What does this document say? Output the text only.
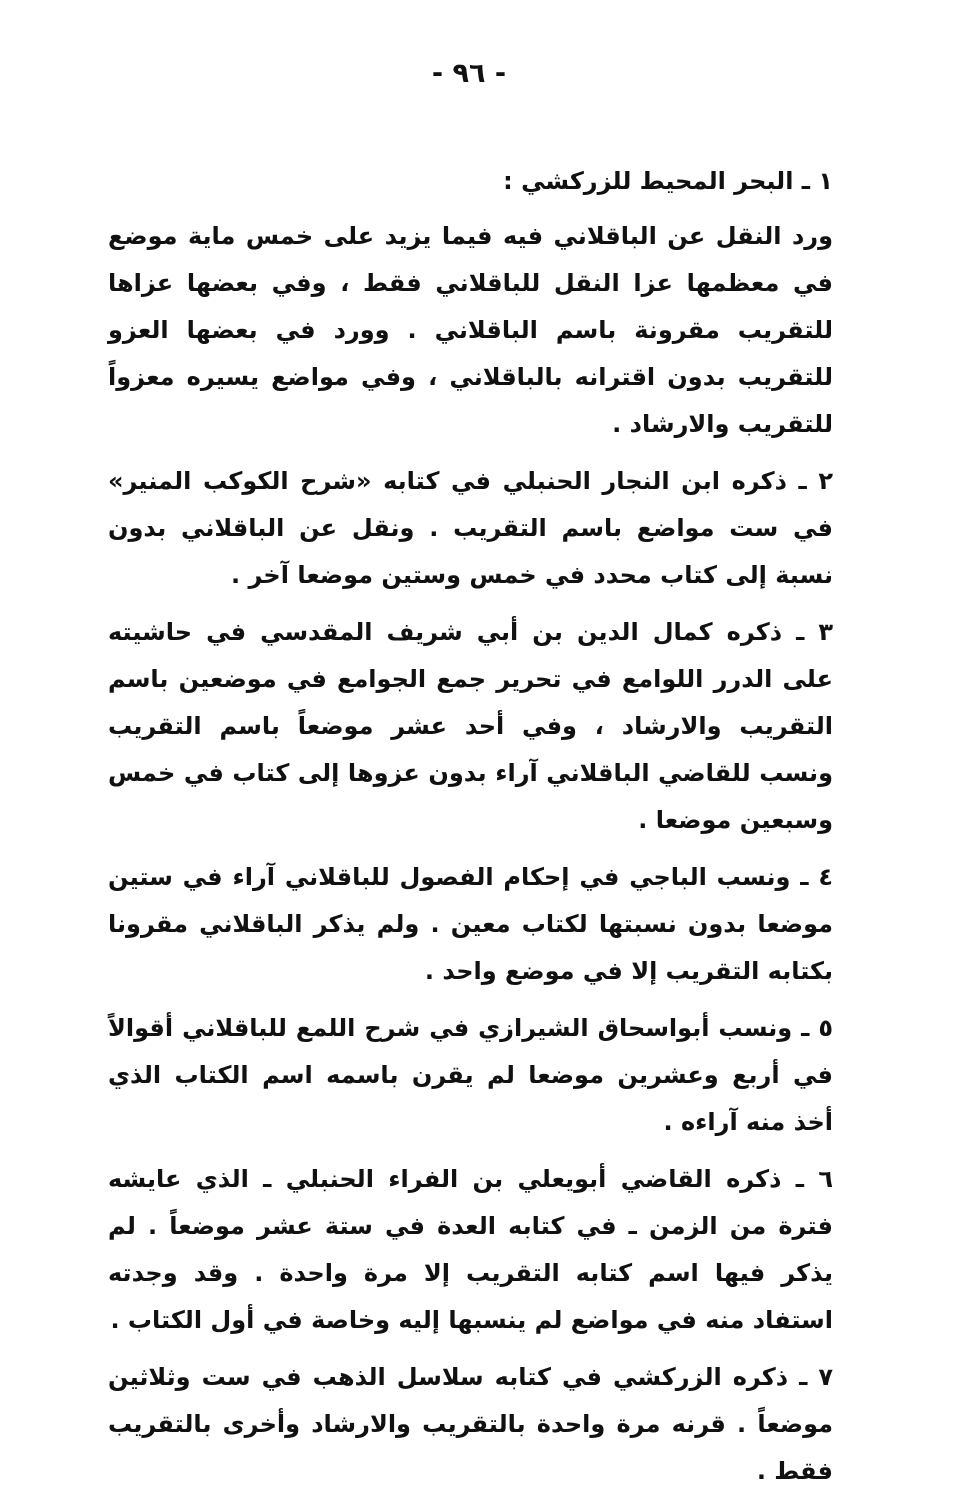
- ٩٦ -

١ ـ البحر المحيط للزركشي :

ورد النقل عن الباقلاني فيه فيما يزيد على خمس ماية موضع في معظمها عزا النقل للباقلاني فقط ، وفي بعضها عزاها للتقريب مقرونة باسم الباقلاني . وورد في بعضها العزو للتقريب بدون اقترانه بالباقلاني ، وفي مواضع يسيره معزواً للتقريب والارشاد .

٢ ـ ذكره ابن النجار الحنبلي في كتابه «شرح الكوكب المنير» في ست مواضع باسم التقريب . ونقل عن الباقلاني بدون نسبة إلى كتاب محدد في خمس وستين موضعا آخر .

٣ ـ ذكره كمال الدين بن أبي شريف المقدسي في حاشيته على الدرر اللوامع في تحرير جمع الجوامع في موضعين باسم التقريب والارشاد ، وفي أحد عشر موضعاً باسم التقريب ونسب للقاضي الباقلاني آراء بدون عزوها إلى كتاب في خمس وسبعين موضعا .

٤ ـ ونسب الباجي في إحكام الفصول للباقلاني آراء في ستين موضعا بدون نسبتها لكتاب معين . ولم يذكر الباقلاني مقرونا بكتابه التقريب إلا في موضع واحد .

٥ ـ ونسب أبواسحاق الشيرازي في شرح اللمع للباقلاني أقوالاً في أربع وعشرين موضعا لم يقرن باسمه اسم الكتاب الذي أخذ منه آراءه .

٦ ـ ذكره القاضي أبويعلي بن الفراء الحنبلي ـ الذي عايشه فترة من الزمن ـ في كتابه العدة في ستة عشر موضعاً . لم يذكر فيها اسم كتابه التقريب إلا مرة واحدة . وقد وجدته استفاد منه في مواضع لم ينسبها إليه وخاصة في أول الكتاب .

٧ ـ ذكره الزركشي في كتابه سلاسل الذهب في ست وثلاثين موضعاً . قرنه مرة واحدة بالتقريب والارشاد وأخرى بالتقريب فقط .
